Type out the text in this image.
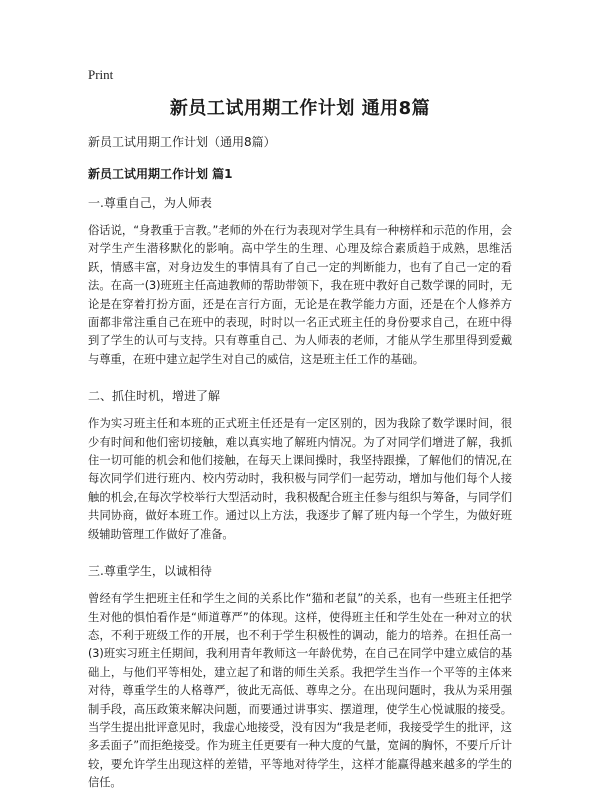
Print
新员工试用期工作计划 通用8篇
新员工试用期工作计划（通用8篇）
新员工试用期工作计划 篇1
一.尊重自己，为人师表
俗话说，“身教重于言教。”老师的外在行为表现对学生具有一种榜样和示范的作用，会对学生产生潜移默化的影响。高中学生的生理、心理及综合素质趋于成熟，思维活跃，情感丰富，对身边发生的事情具有了自己一定的判断能力，也有了自己一定的看法。在高一(3)班班主任高迪教师的帮助带领下，我在班中教好自己数学课的同时，无论是在穿着打扮方面，还是在言行方面，无论是在教学能力方面，还是在个人修养方面都非常注重自己在班中的表现，时时以一名正式班主任的身份要求自己，在班中得到了学生的认可与支持。只有尊重自己、为人师表的老师，才能从学生那里得到爱戴与尊重，在班中建立起学生对自己的威信，这是班主任工作的基础。
二、抓住时机，增进了解
作为实习班主任和本班的正式班主任还是有一定区别的，因为我除了数学课时间，很少有时间和他们密切接触，难以真实地了解班内情况。为了对同学们增进了解，我抓住一切可能的机会和他们接触，在每天上课间操时，我坚持跟操，了解他们的情况,在每次同学们进行班内、校内劳动时，我积极与同学们一起劳动，增加与他们每个人接触的机会,在每次学校举行大型活动时，我积极配合班主任参与组织与筹备，与同学们共同协商，做好本班工作。通过以上方法，我逐步了解了班内每一个学生，为做好班级辅助管理工作做好了准备。
三.尊重学生，以诚相待
曾经有学生把班主任和学生之间的关系比作“猫和老鼠”的关系，也有一些班主任把学生对他的惧怕看作是“师道尊严”的体现。这样，使得班主任和学生处在一种对立的状态，不利于班级工作的开展，也不利于学生积极性的调动，能力的培养。在担任高一(3)班实习班主任期间，我利用青年教师这一年龄优势，在自己在同学中建立威信的基础上，与他们平等相处，建立起了和谐的师生关系。我把学生当作一个平等的主体来对待，尊重学生的人格尊严，彼此无高低、尊卑之分。在出现问题时，我从为采用强制手段，高压政策来解决问题，而要通过讲事实、摆道理，使学生心悦诚服的接受。当学生提出批评意见时，我虚心地接受，没有因为“我是老师，我接受学生的批评，这多丢面子”而拒绝接受。作为班主任更要有一种大度的气量，宽阔的胸怀，不要斤斤计较，要允许学生出现这样的差错，平等地对待学生，这样才能赢得越来越多的学生的信任。
